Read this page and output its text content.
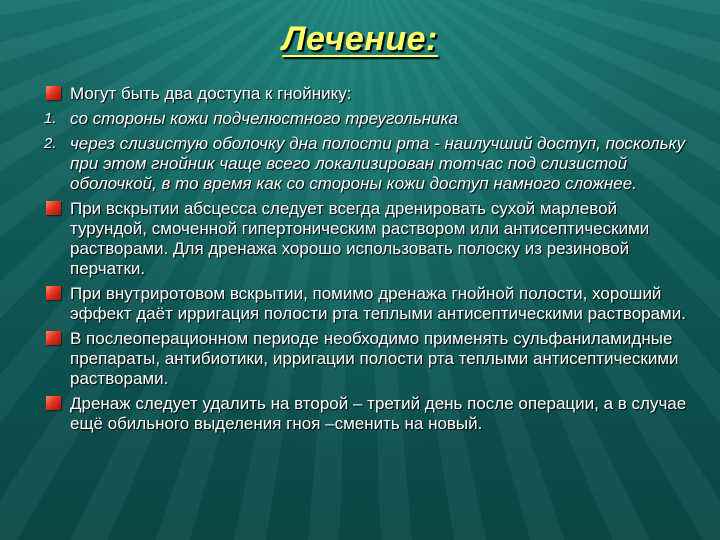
Лечение:
Могут быть два доступа к гнойнику:
1. со стороны кожи подчелюстного треугольника
2. через слизистую оболочку дна полости рта - наилучший доступ, поскольку при этом гнойник чаще всего локализирован тотчас под слизистой оболочкой, в то время как со стороны кожи доступ намного сложнее.
При вскрытии абсцесса следует всегда дренировать сухой марлевой турундой, смоченной гипертоническим раствором или антисептическими растворами. Для дренажа хорошо использовать полоску из резиновой перчатки.
При внутриротовом вскрытии, помимо дренажа гнойной полости, хороший эффект даёт ирригация полости рта теплыми антисептическими растворами.
В послеоперационном периоде необходимо применять сульфаниламидные препараты, антибиотики, ирригации полости рта теплыми антисептическими растворами.
Дренаж следует удалить на второй – третий день после операции, а в случае ещё обильного выделения гноя –сменить на новый.
